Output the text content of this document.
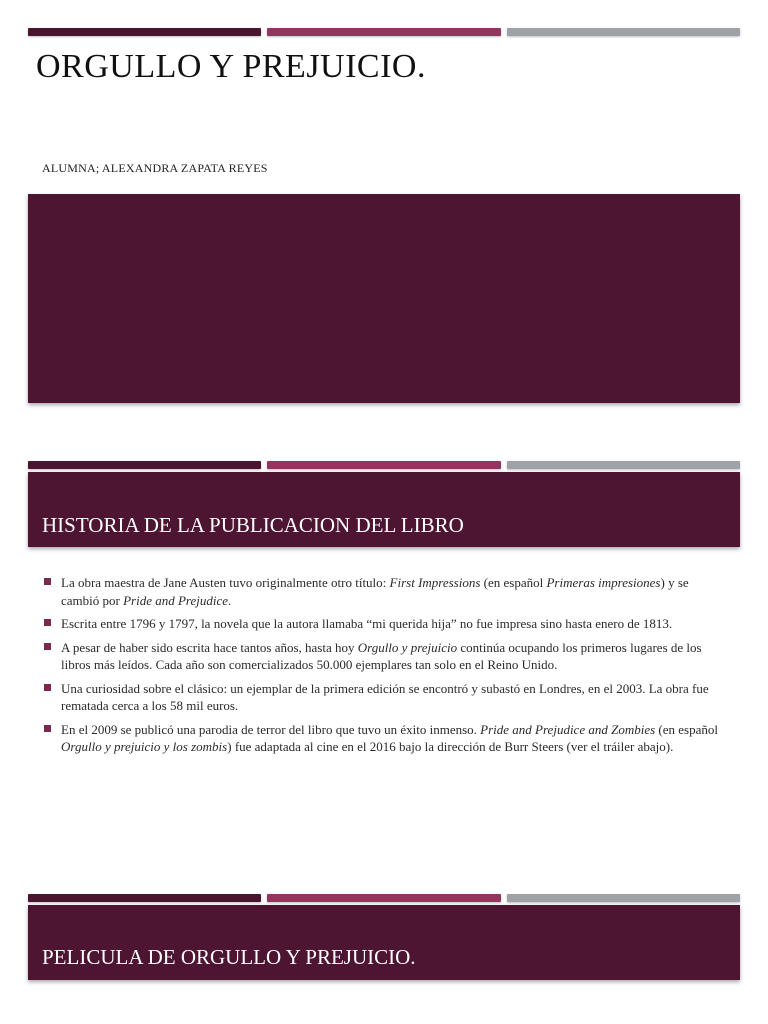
ORGULLO Y PREJUICIO.
ALUMNA; ALEXANDRA ZAPATA REYES
HISTORIA DE LA PUBLICACION DEL LIBRO
La obra maestra de Jane Austen tuvo originalmente otro título: First Impressions (en español Primeras impresiones) y se cambió por Pride and Prejudice.
Escrita entre 1796 y 1797, la novela que la autora llamaba “mi querida hija” no fue impresa sino hasta enero de 1813.
A pesar de haber sido escrita hace tantos años, hasta hoy Orgullo y prejuicio continúa ocupando los primeros lugares de los libros más leídos. Cada año son comercializados 50.000 ejemplares tan solo en el Reino Unido.
Una curiosidad sobre el clásico: un ejemplar de la primera edición se encontró y subastó en Londres, en el 2003. La obra fue rematada cerca a los 58 mil euros.
En el 2009 se publicó una parodia de terror del libro que tuvo un éxito inmenso. Pride and Prejudice and Zombies (en español Orgullo y prejuicio y los zombis) fue adaptada al cine en el 2016 bajo la dirección de Burr Steers (ver el tráiler abajo).
PELICULA DE ORGULLO Y PREJUICIO.
